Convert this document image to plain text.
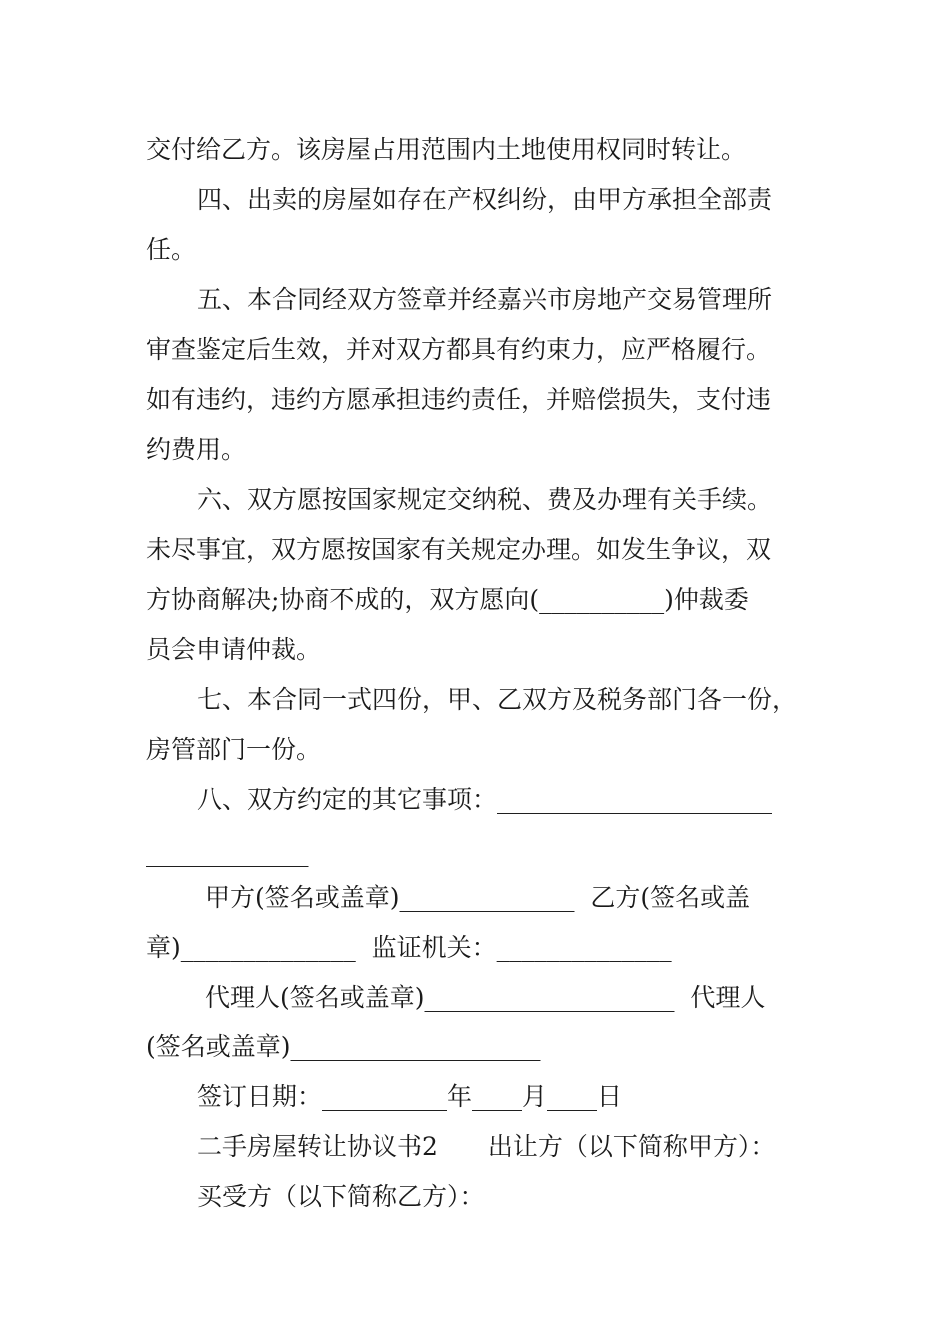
交付给乙方。该房屋占用范围内土地使用权同时转让。
四、出卖的房屋如存在产权纠纷，由甲方承担全部责
任。
五、本合同经双方签章并经嘉兴市房地产交易管理所
审查鉴定后生效，并对双方都具有约束力，应严格履行。
如有违约，违约方愿承担违约责任，并赔偿损失，支付违
约费用。
六、双方愿按国家规定交纳税、费及办理有关手续。
未尽事宜，双方愿按国家有关规定办理。如发生争议，双
方协商解决;协商不成的，双方愿向(__________)仲裁委
员会申请仲裁。
七、本合同一式四份，甲、乙双方及税务部门各一份，
房管部门一份。
八、双方约定的其它事项：______________________
_____________
甲方(签名或盖章)______________  乙方(签名或盖
章)______________  监证机关：______________
代理人(签名或盖章)____________________  代理人
(签名或盖章)____________________
签订日期：__________年____月____日
二手房屋转让协议书2　　出让方（以下简称甲方）：
买受方（以下简称乙方）：
